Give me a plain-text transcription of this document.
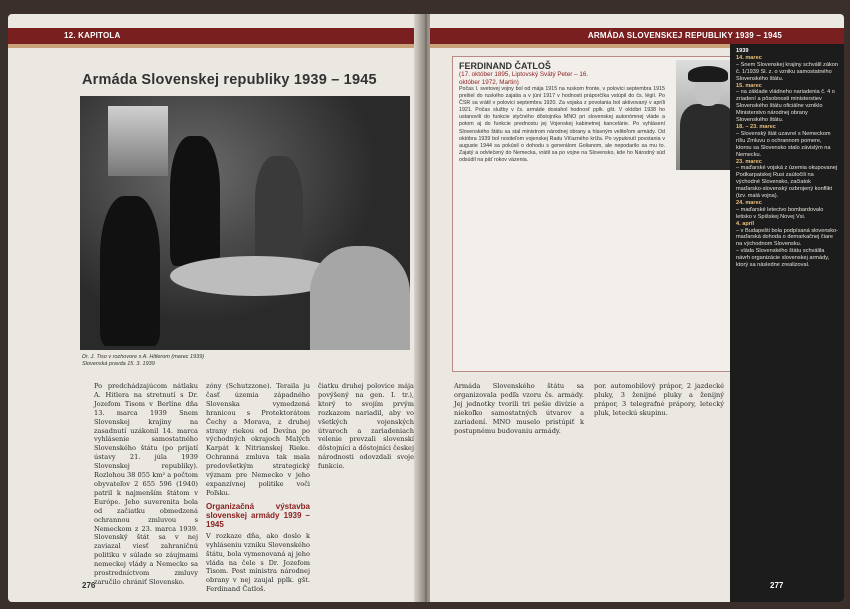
12. KAPITOLA
Armáda Slovenskej republiky 1939 – 1945
Dr. J. Tiso v rozhovore s A. Hitlerom (marec 1939)
Slovenská pravda 15. 3. 1939

Po predchádzajúcom nátlaku A. Hitlera na stretnutí s Dr. Jozefom Tisom v Berlíne dňa 13. marca 1939 Snem Slovenskej krajiny na zasadnutí uzákonil 14. marca vyhlásenie samostatného Slovenského štátu (po prijatí ústavy 21. júla 1939 Slovenskej republiky). Rozlohou 38 055 km² a počtom obyvateľov 2 655 596 (1940) patril k najmenším štátom v Európe. Jeho suverenita bola od začiatku obmedzená ochrannou zmluvou s Nemeckom z 23. marca 1939. Slovenský štát sa v nej zaviazal viesť zahraničnú politiku v súlade so záujmami nemeckej vlády a Nemecko sa prostredníctvom zmluvy zaručilo chrániť Slovensko.

zóny (Schutzzone). Teraila ju časť územia západného Slovenska vymedzená hranicou s Protektorátom Čechy a Morava, z druhej strany riekou od Devína po východných okrajoch Malých Karpát k Nitrianskej Rieke. Ochranná zmluva tak mala predovšetkým strategický význam pre Nemecko v jeho expanzívnej politike voči Poľsku.

Organizačná výstavba slovenskej armády 1939 – 1945

V rozkaze dňa, ako doslo k vyhláseniu vzniku Slovenského štátu, bola vymenovaná aj jeho vláda na čele s Dr. Jozefom Tisom. Post ministra národnej obrany v nej zaujal pplk. gšt. Ferdinand Čatloš.

čiatku druhej polovice mája povýšený na gen. I. tr.), ktorý to svojím prvým rozkazom nariadil, aby vo všetkých vojenských útvaroch a zariadeniach velenie prevzali slovenskí dôstojníci a dôstojníci českej národnosti odovzdali svoje funkcie.

276
ARMÁDA SLOVENSKEJ REPUBLIKY 1939 – 1945
FERDINAND ČATLOŠ
(17. október 1895, Liptovský Svätý Peter – 16. október 1972, Martin)
Počas I. svetovej vojny bol od mája 1915 na ruskom fronte, v polovici septembra 1915 prešiel do ruského zajatia a v júni 1917 v hodnosti práporčíka vstúpil do čs. légií. Po ČSR sa vrátil v polovici septembra 1920. Za vojaka z povolania bol aktivovaný v apríli 1921. Počas služby v čs. armáde dosiahol hodnosť pplk. gšt. V októbri 1938 ho ustanovili do funkcie styčného dôstojníka MNO pri slovenskej autonómnej vláde a potom aj do funkcie prednostu jej Vojenskej kabinetnej kancelárie. Po vyhlásení Slovenského štátu sa stal ministrom národnej obrany a hlavným veliteľom armády. Od októbra 1939 bol nositeľom vojenskej Radu Víťazného kríža. Po vypuknutí povstania v auguste 1944 sa pokúsil o dohodu s generálom Golianom, ale nepodarilo sa mu to. Zajatý a odvlečený do Nemecka, vrátil sa po vojne na Slovensko, kde ho Národný súd odsúdil na päť rokov väzenia.

Armáda Slovenského štátu sa organizovala podľa vzoru čs. armády. Jej jednotky tvorili tri pešie divízie a niekoľko samostatných útvarov a zariadení. MNO muselo pristúpiť k postupnému budovaniu armády.

por. automobilový prápor, 2 jazdecké pluky, 3 ženijné pluky a ženijný prápor, 3 telegrafné prápory, letecký pluk, leteckú skupinu.

1939
14. marec
– Snem Slovenskej krajiny schválil zákon č. 1/1939 Sl. z. o vzniku samostatného Slovenského štátu.
15. marec
– na základe vládneho nariadenia č. 4 o zriadení a pôsobnosti ministerstiev Slovenského štátu oficiálne vzniklo Ministerstvo národnej obrany Slovenského štátu.
18. – 23. marec
– Slovenský štát uzavrel s Nemeckom ríšu Zmluvu o ochrannom pomere, ktorou sa Slovensko stalo závislým na Nemecku.
23. marec
– maďarské vojská z územia okupovanej Podkarpatskej Rusi zaútočili na východné Slovensko, začiatok maďarsko-slovenský ozbrojený konflikt (tzv. malá vojna).
24. marec
– maďarské letectvo bombardovalo letisko v Spišskej Novej Vsi.
4. apríl
– v Budapešti bola podpísaná slovensko-maďarská dohoda o demarkačnej čiare na východnom Slovensku.
– vláda Slovenského štátu schválila návrh organizácie slovenskej armády, ktorý sa následne zrealizoval.
277
